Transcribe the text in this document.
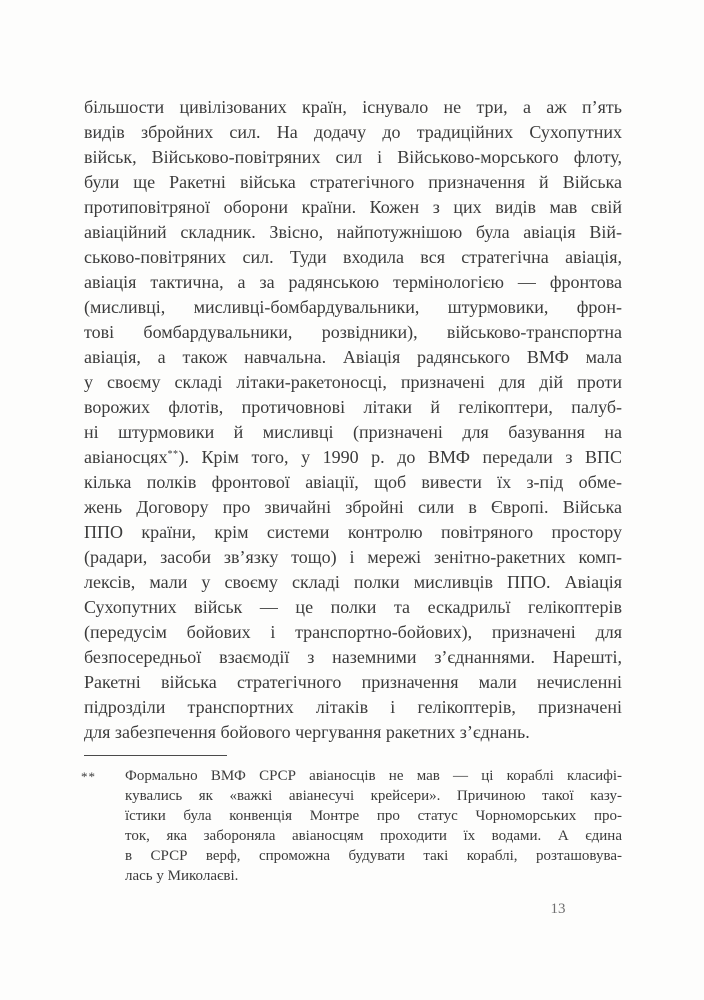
більшости цивілізованих країн, існувало не три, а аж п’ять
видів збройних сил. На додачу до традиційних Сухопутних
військ, Військово-повітряних сил і Військово-морського флоту,
були ще Ракетні війська стратегічного призначення й Війська
протиповітряної оборони країни. Кожен з цих видів мав свій
авіаційний складник. Звісно, найпотужнішою була авіація Вій-
ськово-повітряних сил. Туди входила вся стратегічна авіація,
авіація тактична, а за радянською термінологією — фронтова
(мисливці, мисливці-бомбардувальники, штурмовики, фрон-
тові бомбардувальники, розвідники), військово-транспортна
авіація, а також навчальна. Авіація радянського ВМФ мала
у своєму складі літаки-ракетоносці, призначені для дій проти
ворожих флотів, протичовнові літаки й гелікоптери, палуб-
ні штурмовики й мисливці (призначені для базування на
авіаносцях**). Крім того, у 1990 р. до ВМФ передали з ВПС
кілька полків фронтової авіації, щоб вивести їх з-під обме-
жень Договору про звичайні збройні сили в Європі. Війська
ППО країни, крім системи контролю повітряного простору
(радари, засоби зв’язку тощо) і мережі зенітно-ракетних комп-
лексів, мали у своєму складі полки мисливців ППО. Авіація
Сухопутних військ — це полки та ескадрильї гелікоптерів
(передусім бойових і транспортно-бойових), призначені для
безпосередньої взаємодії з наземними з’єднаннями. Нарешті,
Ракетні війська стратегічного призначення мали нечисленні
підрозділи транспортних літаків і гелікоптерів, призначені
для забезпечення бойового чергування ракетних з’єднань.
** Формально ВМФ СРСР авіаносців не мав — ці кораблі класифі-
кувались як «важкі авіанесучі крейсери». Причиною такої казу-
їстики була конвенція Монтре про статус Чорноморських про-
ток, яка забороняла авіаносцям проходити їх водами. А єдина
в СРСР верф, спроможна будувати такі кораблі, розташовува-
лась у Миколаєві.
13
